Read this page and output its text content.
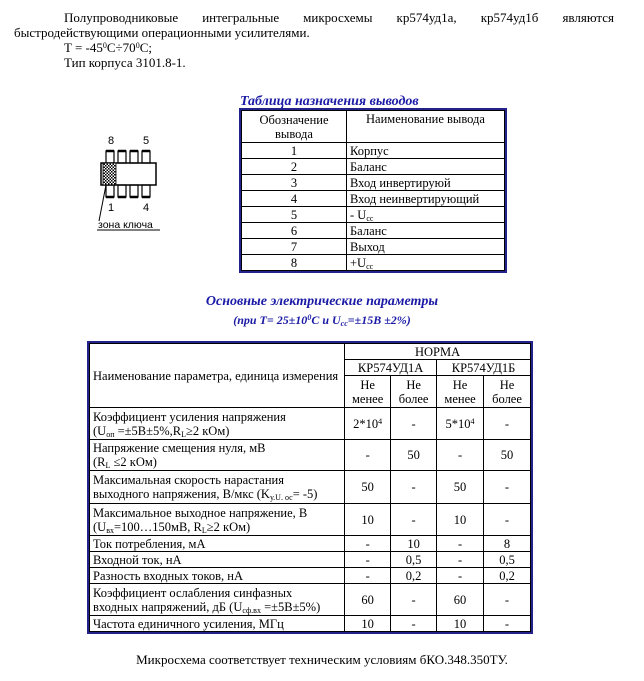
Полупроводниковые интегральные микросхемы кр574уд1а, кр574уд1б являются быстродействующими операционными усилителями.

$T = -45^0C\div 70^0C$;

Тип корпуса 3101.8-1.

8	5
1	4
зона ключа
Таблица назначения выводов
Обозначение вывода	Наименование вывода
1	Корпус
2	Баланс
3	Вход инвертируюй
4	Вход неинвертирующий
5	- $U_{cc}$
6	Баланс
7	Выход
8	$+U_{cc}$
Основные электрические параметры
(при $T= 25\pm 10^0C$ и $U_{cc}=\pm 15В \pm 2\%$)
Наименование параметра, единица измерения	НОРМА			
	КР574УД1А		КР574УД1Б	
	Не менее	Не более	Не менее	Не более
Коэффициент усиления напряжения
($U_{оп} =\pm 5В\pm 5\%,R_L\ge 2$ кОм)	$2*10^4$	-	$5*10^4$	-
Напряжение смещения нуля, мВ
($R_L \le 2$ кОм)	-	50	-	50
Максимальная скорость нарастания
выходного напряжения, В/мкс $(K_{у.U. ос}= -5)$	50	-	50	-
Максимальное выходное напряжение, В
($U_{вх}=100\dots 150мВ$, $R_L\ge 2$ кОм)	10	-	10	-
Ток потребления, мА	-	10	-	8
Входной ток, нА	-	0,5	-	0,5
Разность входных токов, нА	-	0,2	-	0,2
Коэффициент ослабления синфазных
входных напряжений, дБ $(U_{сф.вх} =\pm 5В\pm 5\%)$	60	-	60	-
Частота единичного усиления, МГц	10	-	10	-
Микросхема соответствует техническим условиям бКО.348.350ТУ.
